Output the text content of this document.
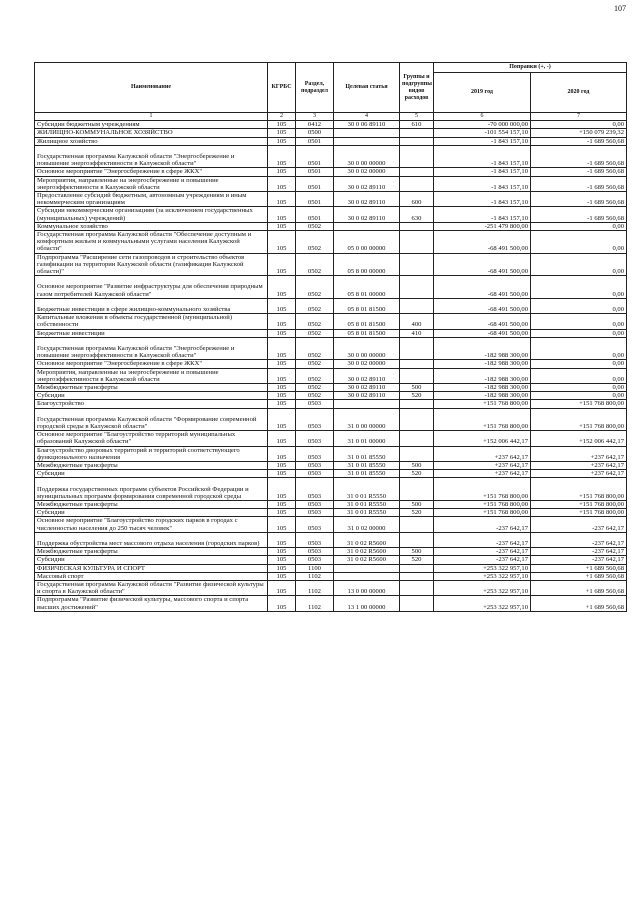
107
Наименование	КГРБС	Раздел, подраздел	Целевая статья	Группы и подгруппы видов расходов	Поправки (+, -)	
					2019 год	2020 год
1	2	3	4	5	6	7
Субсидии бюджетным учреждениям	105	0412	30 0 06 89110	610	-70 000 000,00	0,00
ЖИЛИЩНО-КОММУНАЛЬНОЕ ХОЗЯЙСТВО	105	0500			-101 554 157,10	+150 079 239,32
Жилищное хозяйство	105	0501			-1 843 157,10	-1 689 560,68
Государственная программа Калужской области "Энергосбережение и повышение энергоэффективности в Калужской области"	105	0501	30 0 00 00000		-1 843 157,10	-1 689 560,68
Основное мероприятие "Энергосбережение в сфере ЖКХ"	105	0501	30 0 02 00000		-1 843 157,10	-1 689 560,68
Мероприятия, направленные на энергосбережение и повышение энергоэффективности в Калужской области	105	0501	30 0 02 89110		-1 843 157,10	-1 689 560,68
Предоставление субсидий бюджетным, автономным учреждениям и иным некоммерческим организациям	105	0501	30 0 02 89110	600	-1 843 157,10	-1 689 560,68
Субсидии некоммерческим организациям (за исключением государственных (муниципальных) учреждений)	105	0501	30 0 02 89110	630	-1 843 157,10	-1 689 560,68
Коммунальное хозяйство	105	0502			-251 479 800,00	0,00
Государственная программа Калужской области "Обеспечение доступным и комфортным жильем и коммунальными услугами населения Калужской области"	105	0502	05 0 00 00000		-68 491 500,00	0,00
Подпрограмма "Расширение сети газопроводов и строительство объектов газификации на территории Калужской области (газификация Калужской области)"	105	0502	05 8 00 00000		-68 491 500,00	0,00
Основное мероприятие "Развитие инфраструктуры для обеспечения природным газом потребителей Калужской области"	105	0502	05 8 01 00000		-68 491 500,00	0,00
Бюджетные инвестиции в сфере жилищно-коммунального хозяйства	105	0502	05 8 01 81500		-68 491 500,00	0,00
Капитальные вложения в объекты государственной (муниципальной) собственности	105	0502	05 8 01 81500	400	-68 491 500,00	0,00
Бюджетные инвестиции	105	0502	05 8 01 81500	410	-68 491 500,00	0,00
Государственная программа Калужской области "Энергосбережение и повышение энергоэффективности в Калужской области"	105	0502	30 0 00 00000		-182 988 300,00	0,00
Основное мероприятие "Энергосбережение в сфере ЖКХ"	105	0502	30 0 02 00000		-182 988 300,00	0,00
Мероприятия, направленные на энергосбережение и повышение энергоэффективности в Калужской области	105	0502	30 0 02 89110		-182 988 300,00	0,00
Межбюджетные трансферты	105	0502	30 0 02 89110	500	-182 988 300,00	0,00
Субсидии	105	0502	30 0 02 89110	520	-182 988 300,00	0,00
Благоустройство	105	0503			+151 768 800,00	+151 768 800,00
Государственная программа Калужской области "Формирование современной городской среды в Калужской области"	105	0503	31 0 00 00000		+151 768 800,00	+151 768 800,00
Основное мероприятие "Благоустройство территорий муниципальных образований Калужской области"	105	0503	31 0 01 00000		+152 006 442,17	+152 006 442,17
Благоустройство дворовых территорий и территорий соответствующего функционального назначения	105	0503	31 0 01 85550		+237 642,17	+237 642,17
Межбюджетные трансферты	105	0503	31 0 01 85550	500	+237 642,17	+237 642,17
Субсидии	105	0503	31 0 01 85550	520	+237 642,17	+237 642,17
Поддержка государственных программ субъектов Российской Федерации и муниципальных программ формирования современной городской среды	105	0503	31 0 01 R5550		+151 768 800,00	+151 768 800,00
Межбюджетные трансферты	105	0503	31 0 01 R5550	500	+151 768 800,00	+151 768 800,00
Субсидии	105	0503	31 0 01 R5550	520	+151 768 800,00	+151 768 800,00
Основное мероприятие "Благоустройство городских парков в городах с численностью населения до 250 тысяч человек"	105	0503	31 0 02 00000		-237 642,17	-237 642,17
Поддержка обустройства мест массового отдыха населения (городских парков)	105	0503	31 0 02 R5600		-237 642,17	-237 642,17
Межбюджетные трансферты	105	0503	31 0 02 R5600	500	-237 642,17	-237 642,17
Субсидии	105	0503	31 0 02 R5600	520	-237 642,17	-237 642,17
ФИЗИЧЕСКАЯ КУЛЬТУРА И СПОРТ	105	1100			+253 322 957,10	+1 689 560,68
Массовый спорт	105	1102			+253 322 957,10	+1 689 560,68
Государственная программа Калужской области "Развитие физической культуры и спорта в Калужской области"	105	1102	13 0 00 00000		+253 322 957,10	+1 689 560,68
Подпрограмма "Развитие физической культуры, массового спорта и спорта высших достижений"	105	1102	13 1 00 00000		+253 322 957,10	+1 689 560,68
